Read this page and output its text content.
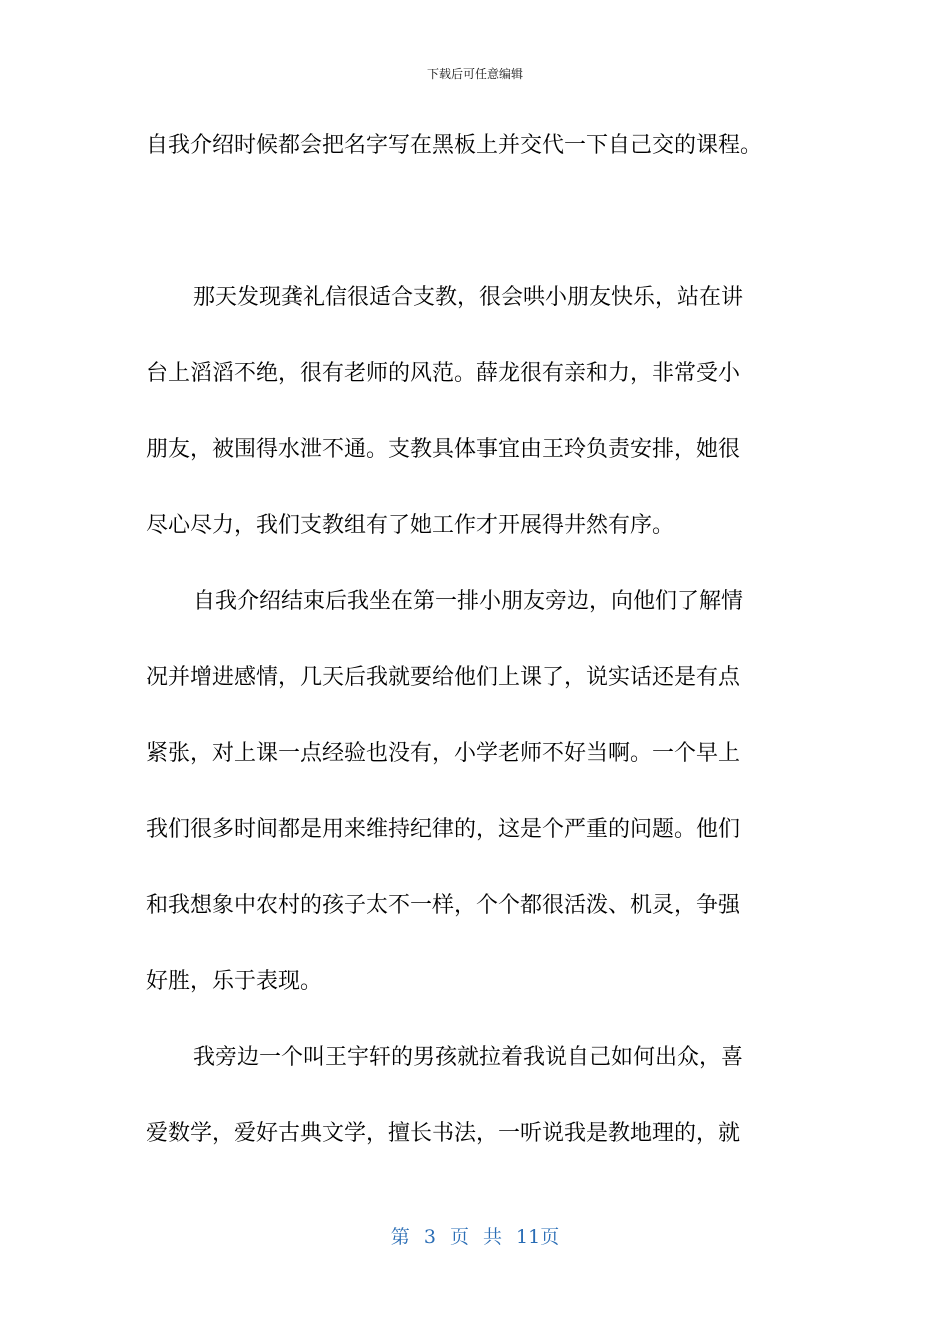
下载后可任意编辑
自我介绍时候都会把名字写在黑板上并交代一下自己交的课程。
那天发现龚礼信很适合支教，很会哄小朋友快乐，站在讲
台上滔滔不绝，很有老师的风范。薛龙很有亲和力，非常受小
朋友，被围得水泄不通。支教具体事宜由王玲负责安排，她很
尽心尽力，我们支教组有了她工作才开展得井然有序。
自我介绍结束后我坐在第一排小朋友旁边，向他们了解情
况并增进感情，几天后我就要给他们上课了，说实话还是有点
紧张，对上课一点经验也没有，小学老师不好当啊。一个早上
我们很多时间都是用来维持纪律的，这是个严重的问题。他们
和我想象中农村的孩子太不一样，个个都很活泼、机灵，争强
好胜，乐于表现。
我旁边一个叫王宇轩的男孩就拉着我说自己如何出众，喜
爱数学，爱好古典文学，擅长书法，一听说我是教地理的，就
第 3 页 共 11页
